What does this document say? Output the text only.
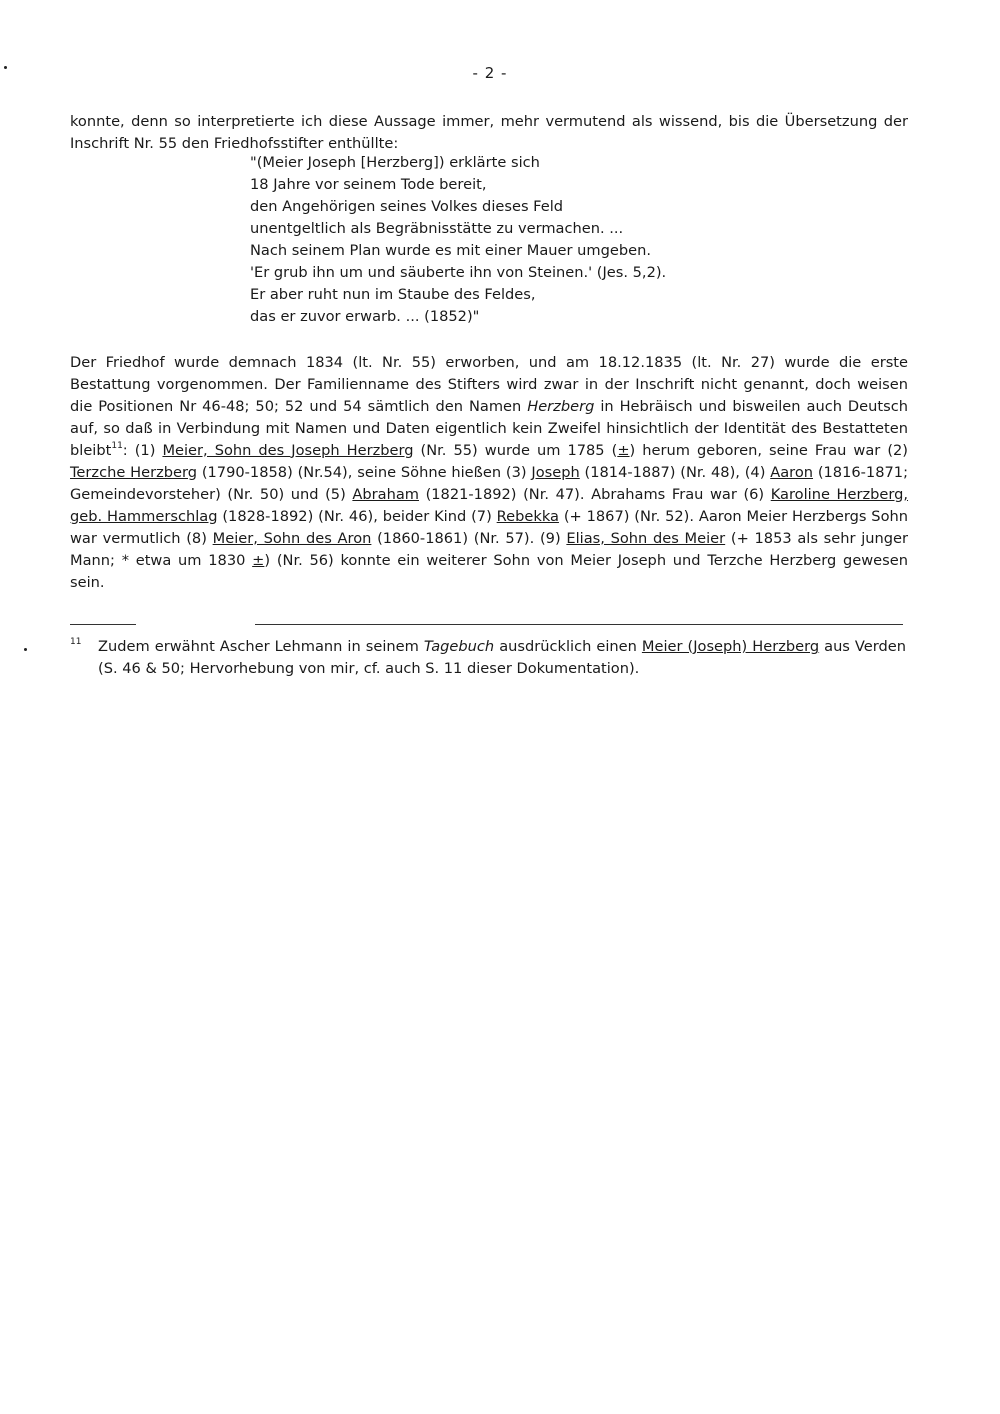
- 2 -

konnte, denn so interpretierte ich diese Aussage immer, mehr vermutend als wissend, bis die Übersetzung der Inschrift Nr. 55 den Friedhofsstifter enthüllte:

"(Meier Joseph [Herzberg]) erklärte sich
18 Jahre vor seinem Tode bereit,
den Angehörigen seines Volkes dieses Feld
unentgeltlich als Begräbnisstätte zu vermachen. ...
Nach seinem Plan wurde es mit einer Mauer umgeben.
'Er grub ihn um und säuberte ihn von Steinen.' (Jes. 5,2).
Er aber ruht nun im Staube des Feldes,
das er zuvor erwarb. ... (1852)"

Der Friedhof wurde demnach 1834 (lt. Nr. 55) erworben, und am 18.12.1835 (lt. Nr. 27) wurde die erste Bestattung vorgenommen. Der Familienname des Stifters wird zwar in der Inschrift nicht genannt, doch weisen die Positionen Nr 46-48; 50; 52 und 54 sämtlich den Namen Herzberg in Hebräisch und bisweilen auch Deutsch auf, so daß in Verbindung mit Namen und Daten eigentlich kein Zweifel hinsichtlich der Identität des Bestatteten bleibt$^{11}$: (1) Meier, Sohn des Joseph Herzberg (Nr. 55) wurde um 1785 (±) herum geboren, seine Frau war (2) Terzche Herzberg (1790-1858) (Nr.54), seine Söhne hießen (3) Joseph (1814-1887) (Nr. 48), (4) Aaron (1816-1871; Gemeindevorsteher) (Nr. 50) und (5) Abraham (1821-1892) (Nr. 47). Abrahams Frau war (6) Karoline Herzberg, geb. Hammerschlag (1828-1892) (Nr. 46), beider Kind (7) Rebekka (+ 1867) (Nr. 52). Aaron Meier Herzbergs Sohn war vermutlich (8) Meier, Sohn des Aron (1860-1861) (Nr. 57). (9) Elias, Sohn des Meier (+ 1853 als sehr junger Mann; * etwa um 1830 ±) (Nr. 56) konnte ein weiterer Sohn von Meier Joseph und Terzche Herzberg gewesen sein.

$^{11}$ Zudem erwähnt Ascher Lehmann in seinem Tagebuch ausdrücklich einen Meier (Joseph) Herzberg aus Verden (S. 46 & 50; Hervorhebung von mir, cf. auch S. 11 dieser Dokumentation).
